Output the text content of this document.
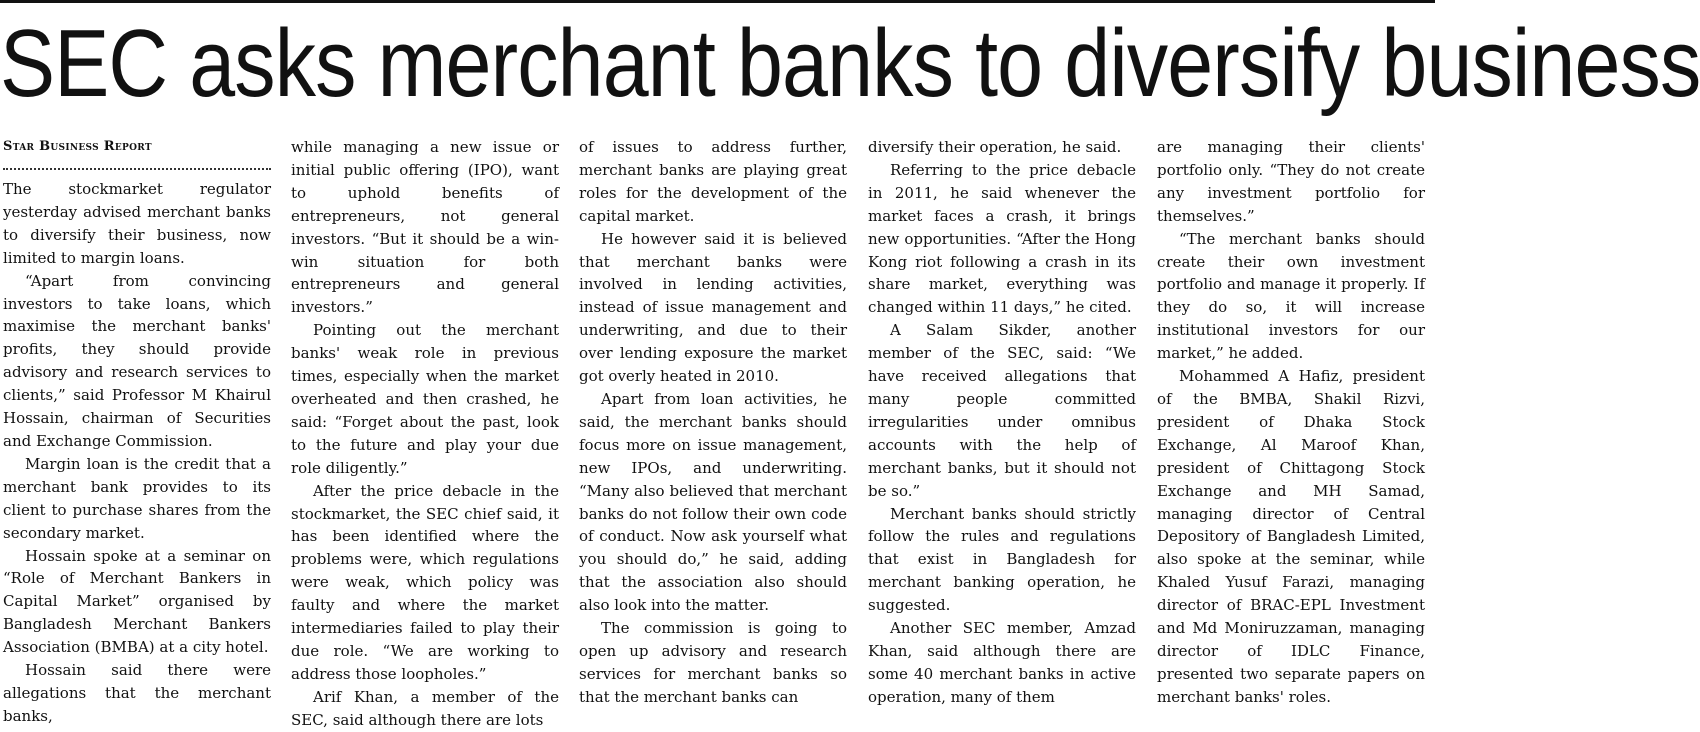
SEC asks merchant banks to diversify business
Star Business Report

The stockmarket regulator yesterday advised merchant banks to diversify their business, now limited to margin loans.

“Apart from convincing investors to take loans, which maximise the merchant banks' profits, they should provide advisory and research services to clients,” said Professor M Khairul Hossain, chairman of Securities and Exchange Commission.

Margin loan is the credit that a merchant bank provides to its client to purchase shares from the secondary market.

Hossain spoke at a seminar on “Role of Merchant Bankers in Capital Market” organised by Bangladesh Merchant Bankers Association (BMBA) at a city hotel.

Hossain said there were allegations that the merchant banks,

while managing a new issue or initial public offering (IPO), want to uphold benefits of entrepreneurs, not general investors. “But it should be a win-win situation for both entrepreneurs and general investors.”

Pointing out the merchant banks' weak role in previous times, especially when the market overheated and then crashed, he said: “Forget about the past, look to the future and play your due role diligently.”

After the price debacle in the stockmarket, the SEC chief said, it has been identified where the problems were, which regulations were weak, which policy was faulty and where the market intermediaries failed to play their due role. “We are working to address those loopholes.”

Arif Khan, a member of the SEC, said although there are lots

of issues to address further, merchant banks are playing great roles for the development of the capital market.

He however said it is believed that merchant banks were involved in lending activities, instead of issue management and underwriting, and due to their over lending exposure the market got overly heated in 2010.

Apart from loan activities, he said, the merchant banks should focus more on issue management, new IPOs, and underwriting. “Many also believed that merchant banks do not follow their own code of conduct. Now ask yourself what you should do,” he said, adding that the association also should also look into the matter.

The commission is going to open up advisory and research services for merchant banks so that the merchant banks can

diversify their operation, he said.

Referring to the price debacle in 2011, he said whenever the market faces a crash, it brings new opportunities. “After the Hong Kong riot following a crash in its share market, everything was changed within 11 days,” he cited.

A Salam Sikder, another member of the SEC, said: “We have received allegations that many people committed irregularities under omnibus accounts with the help of merchant banks, but it should not be so.”

Merchant banks should strictly follow the rules and regulations that exist in Bangladesh for merchant banking operation, he suggested.

Another SEC member, Amzad Khan, said although there are some 40 merchant banks in active operation, many of them

are managing their clients' portfolio only. “They do not create any investment portfolio for themselves.”

“The merchant banks should create their own investment portfolio and manage it properly. If they do so, it will increase institutional investors for our market,” he added.

Mohammed A Hafiz, president of the BMBA, Shakil Rizvi, president of Dhaka Stock Exchange, Al Maroof Khan, president of Chittagong Stock Exchange and MH Samad, managing director of Central Depository of Bangladesh Limited, also spoke at the seminar, while Khaled Yusuf Farazi, managing director of BRAC-EPL Investment and Md Moniruzzaman, managing director of IDLC Finance, presented two separate papers on merchant banks' roles.
